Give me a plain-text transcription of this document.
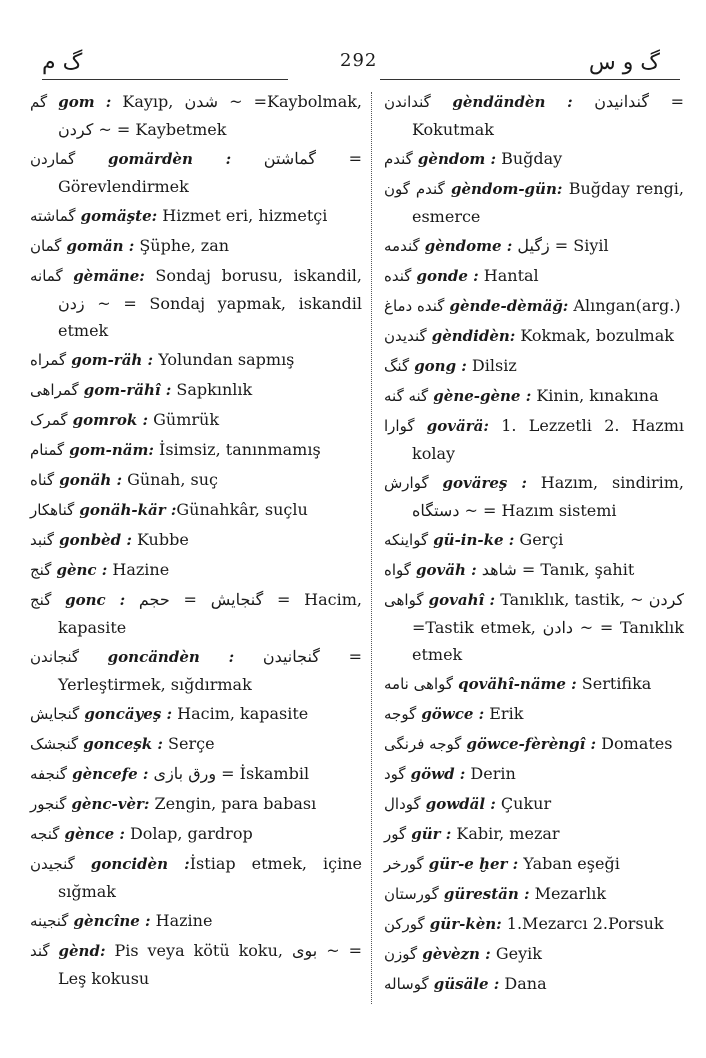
گ م	292	گ و س
گم gom : Kayıp, شدن ~ =Kaybolmak, کردن ~ = Kaybetmek
گماردن gomärdèn : گماشتن = Görevlendirmek
گماشته gomäşte: Hizmet eri, hizmetçi
گمان gomän : Şüphe, zan
گمانه gèmäne: Sondaj borusu, iskandil, زدن ~ = Sondaj yapmak, iskandil etmek
گمراه gom-räh : Yolundan sapmış
گمراهی gom-rähî : Sapkınlık
گمرک gomrok : Gümrük
گمنام gom-näm: İsimsiz, tanınmamış
گناه gonäh : Günah, suç
گناهکار gonäh-kär :Günahkâr, suçlu
گنبد gonbèd : Kubbe
گنج gènc : Hazine
گنج gonc : گنجایش = حجم = Hacim, kapasite
گنجاندن goncändèn : گنجانیدن = Yerleştirmek, sığdırmak
گنجایش goncäyeş : Hacim, kapasite
گنجشک gonceşk : Serçe
گنجفه gèncefe : ورق بازی = İskambil
گنجور gènc-vèr: Zengin, para babası
گنجه gènce : Dolap, gardrop
گنجیدن goncidèn :İstiap etmek, içine sığmak
گنجینه gèncîne : Hazine
گند gènd: Pis veya kötü koku, بوی ~ = Leş kokusu
گنداندن gèndändèn : گندانیدن = Kokutmak
گندم gèndom : Buğday
گندم گون gèndom-gün: Buğday rengi, esmerce
گندمه gèndome : زگیل = Siyil
گنده gonde : Hantal
گنده دماغ gènde-dèmäğ: Alıngan(arg.)
گندیدن gèndidèn: Kokmak, bozulmak
گنگ gong : Dilsiz
گنه گنه gène-gène : Kinin, kınakına
گوارا govärä: 1. Lezzetli 2. Hazmı kolay
گوارش goväreş : Hazım, sindirim, دستگاه ~ = Hazım sistemi
گواینکه gü-in-ke : Gerçi
گواه goväh : شاهد = Tanık, şahit
گواهی govahî : Tanıklık, tastik, ~ کردن =Tastik etmek, دادن ~ = Tanıklık etmek
گواهی نامه qovähî-näme : Sertifika
گوجه göwce : Erik
گوجه فرنگی göwce-fèrèngî : Domates
گود göwd : Derin
گودال gowdäl : Çukur
گور gür : Kabir, mezar
گورخر gür-e ḫer : Yaban eşeği
گورستان gürestän : Mezarlık
گورکن gür-kèn: 1.Mezarcı 2.Porsuk
گوزن gèvèzn : Geyik
گوساله güsäle : Dana
